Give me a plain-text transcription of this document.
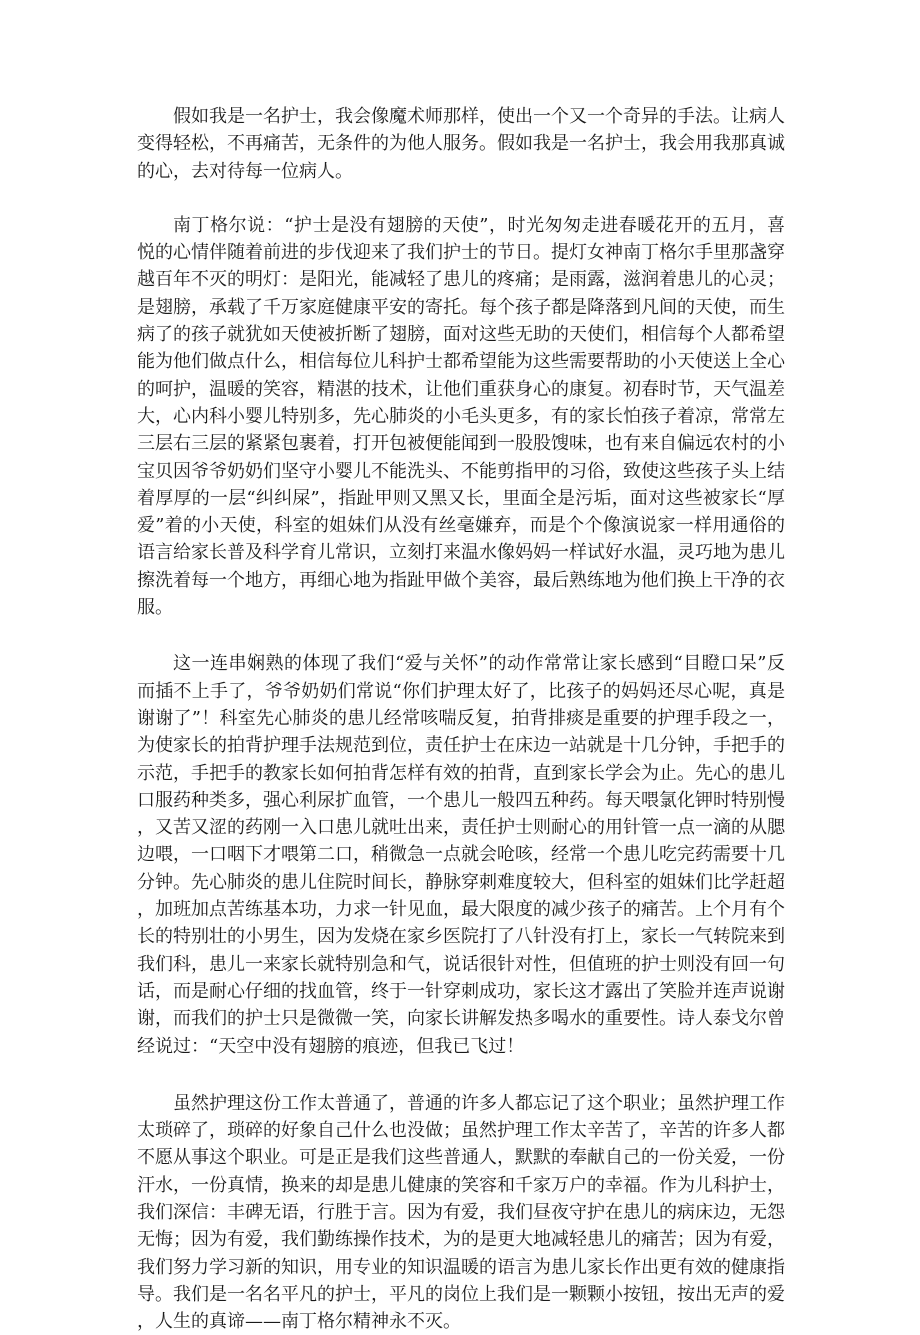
假如我是一名护士，我会像魔术师那样，使出一个又一个奇异的手法。让病人变得轻松，不再痛苦，无条件的为他人服务。假如我是一名护士，我会用我那真诚的心，去对待每一位病人。

南丁格尔说：“护士是没有翅膀的天使”，时光匆匆走进春暖花开的五月，喜悦的心情伴随着前进的步伐迎来了我们护士的节日。提灯女神南丁格尔手里那盏穿越百年不灭的明灯：是阳光，能减轻了患儿的疼痛；是雨露，滋润着患儿的心灵；是翅膀，承载了千万家庭健康平安的寄托。每个孩子都是降落到凡间的天使，而生病了的孩子就犹如天使被折断了翅膀，面对这些无助的天使们，相信每个人都希望能为他们做点什么，相信每位儿科护士都希望能为这些需要帮助的小天使送上全心的呵护，温暖的笑容，精湛的技术，让他们重获身心的康复。初春时节，天气温差大，心内科小婴儿特别多，先心肺炎的小毛头更多，有的家长怕孩子着凉，常常左三层右三层的紧紧包裹着，打开包被便能闻到一股股馊味，也有来自偏远农村的小宝贝因爷爷奶奶们坚守小婴儿不能洗头、不能剪指甲的习俗，致使这些孩子头上结着厚厚的一层“纠纠屎”，指趾甲则又黑又长，里面全是污垢，面对这些被家长“厚爱”着的小天使，科室的姐妹们从没有丝毫嫌弃，而是个个像演说家一样用通俗的语言给家长普及科学育儿常识，立刻打来温水像妈妈一样试好水温，灵巧地为患儿擦洗着每一个地方，再细心地为指趾甲做个美容，最后熟练地为他们换上干净的衣服。

这一连串娴熟的体现了我们“爱与关怀”的动作常常让家长感到“目瞪口呆”反而插不上手了，爷爷奶奶们常说“你们护理太好了，比孩子的妈妈还尽心呢，真是谢谢了”！科室先心肺炎的患儿经常咳喘反复，拍背排痰是重要的护理手段之一，为使家长的拍背护理手法规范到位，责任护士在床边一站就是十几分钟，手把手的示范，手把手的教家长如何拍背怎样有效的拍背，直到家长学会为止。先心的患儿口服药种类多，强心利尿扩血管，一个患儿一般四五种药。每天喂氯化钾时特别慢，又苦又涩的药刚一入口患儿就吐出来，责任护士则耐心的用针管一点一滴的从腮边喂，一口咽下才喂第二口，稍微急一点就会呛咳，经常一个患儿吃完药需要十几分钟。先心肺炎的患儿住院时间长，静脉穿刺难度较大，但科室的姐妹们比学赶超，加班加点苦练基本功，力求一针见血，最大限度的减少孩子的痛苦。上个月有个长的特别壮的小男生，因为发烧在家乡医院打了八针没有打上，家长一气转院来到我们科，患儿一来家长就特别急和气，说话很针对性，但值班的护士则没有回一句话，而是耐心仔细的找血管，终于一针穿刺成功，家长这才露出了笑脸并连声说谢谢，而我们的护士只是微微一笑，向家长讲解发热多喝水的重要性。诗人泰戈尔曾经说过：“天空中没有翅膀的痕迹，但我已飞过！

虽然护理这份工作太普通了，普通的许多人都忘记了这个职业；虽然护理工作太琐碎了，琐碎的好象自己什么也没做；虽然护理工作太辛苦了，辛苦的许多人都不愿从事这个职业。可是正是我们这些普通人，默默的奉献自己的一份关爱，一份汗水，一份真情，换来的却是患儿健康的笑容和千家万户的幸福。作为儿科护士，我们深信：丰碑无语，行胜于言。因为有爱，我们昼夜守护在患儿的病床边，无怨无悔；因为有爱，我们勤练操作技术，为的是更大地减轻患儿的痛苦；因为有爱，我们努力学习新的知识，用专业的知识温暖的语言为患儿家长作出更有效的健康指导。我们是一名名平凡的护士，平凡的岗位上我们是一颗颗小按钮，按出无声的爱，人生的真谛——南丁格尔精神永不灭。
